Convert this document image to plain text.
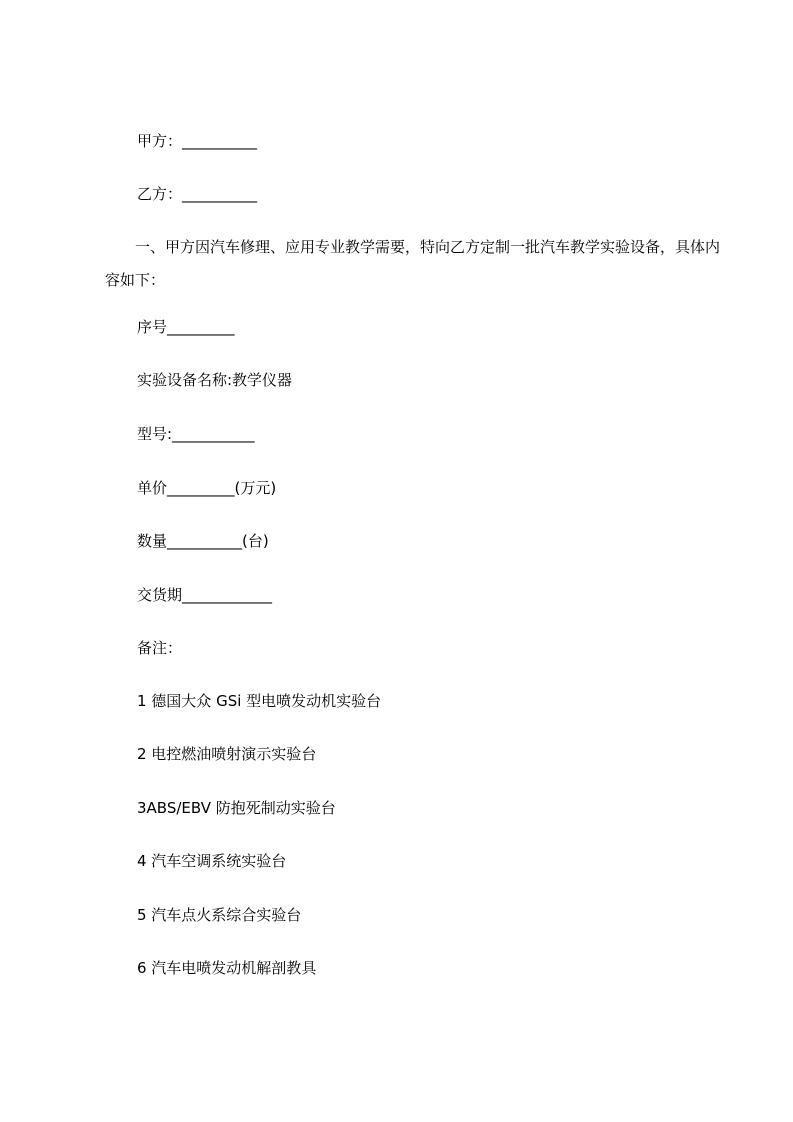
甲方：__________
乙方：__________
一、甲方因汽车修理、应用专业教学需要，特向乙方定制一批汽车教学实验设备，具体内容如下：
序号_________
实验设备名称:教学仪器
型号:___________
单价_________(万元)
数量__________(台)
交货期____________
备注：
1 德国大众 GSi 型电喷发动机实验台
2 电控燃油喷射演示实验台
3ABS/EBV 防抱死制动实验台
4 汽车空调系统实验台
5 汽车点火系综合实验台
6 汽车电喷发动机解剖教具
